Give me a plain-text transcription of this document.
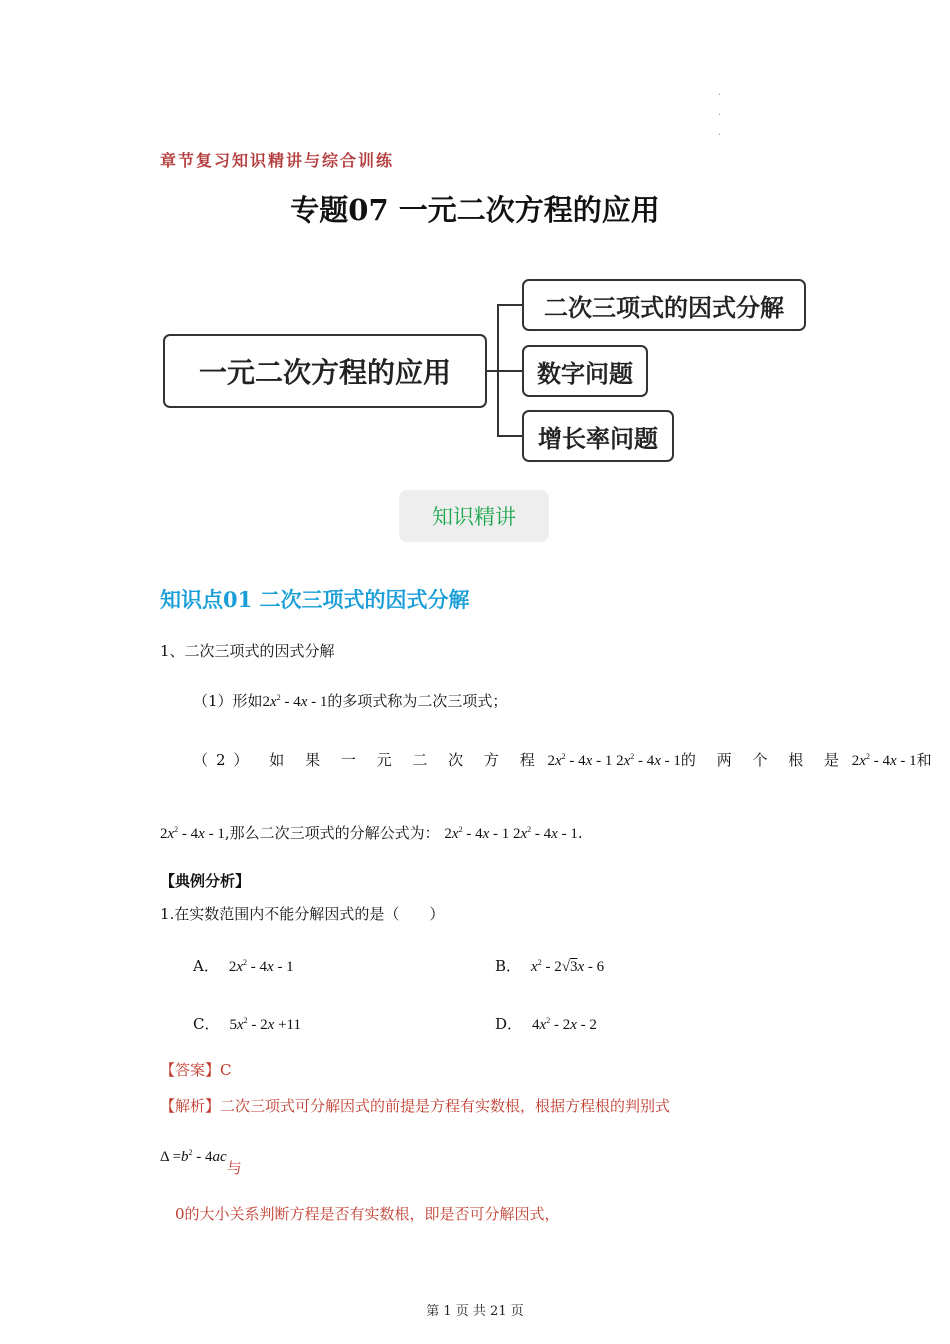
章节复习知识精讲与综合训练
·
·
·
专题07 一元二次方程的应用
一元二次方程的应用
二次三项式的因式分解
数字问题
增长率问题
知识精讲
知识点01 二次三项式的因式分解
1、二次三项式的因式分解
（1）形如$2x^2 - 4x - 1$的多项式称为二次三项式；
（2） 如 果 一 元 二 次 方 程 $2x^2 - 4x - 1$ $2x^2 - 4x - 1$的 两 个 根 是 $2x^2 - 4x - 1$和
$2x^2 - 4x - 1$,那么二次三项式的分解公式为： $2x^2 - 4x - 1$ $2x^2 - 4x - 1$.
【典例分析】
1.在实数范围内不能分解因式的是（　　）
A． $2x^2 - 4x - 1$	B． $x^2 - 2√3x - 6$
C． $5x^2 - 2x +11$	D． $4x^2 - 2x - 2$
【答案】C
【解析】二次三项式可分解因式的前提是方程有实数根，根据方程根的判别式
$\Delta =b^2 - 4ac$与
0的大小关系判断方程是否有实数根，即是否可分解因式，
第 1 页 共 21 页
